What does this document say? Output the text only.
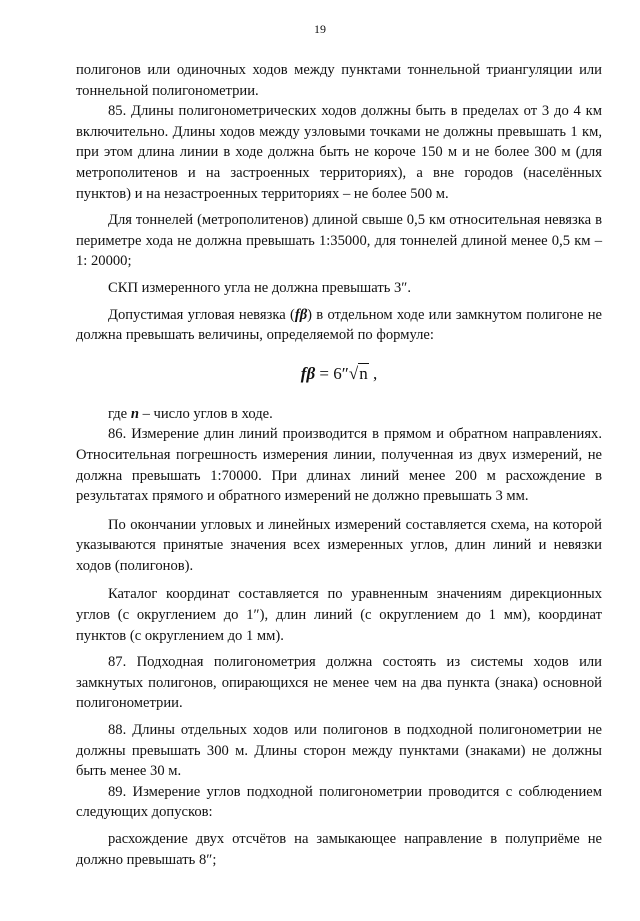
19

полигонов или одиночных ходов между пунктами тоннельной триангуляции или тоннельной полигонометрии.

85. Длины полигонометрических ходов должны быть в пределах от 3 до 4 км включительно. Длины ходов между узловыми точками не должны превышать 1 км, при этом длина линии в ходе должна быть не короче 150 м и не более 300 м (для метрополитенов и на застроенных территориях), а вне городов (населённых пунктов) и на незастроенных территориях – не более 500 м.

Для тоннелей (метрополитенов) длиной свыше 0,5 км относительная невязка в периметре хода не должна превышать 1:35000, для тоннелей длиной менее 0,5 км – 1: 20000;

СКП измеренного угла не должна превышать 3″.

Допустимая угловая невязка (fβ) в отдельном ходе или замкнутом полигоне не должна превышать величины, определяемой по формуле:

fβ = 6″√n ,

где n – число углов в ходе.

86. Измерение длин линий производится в прямом и обратном направлениях. Относительная погрешность измерения линии, полученная из двух измерений, не должна превышать 1:70000. При длинах линий менее 200 м расхождение в результатах прямого и обратного измерений не должно превышать 3 мм.

По окончании угловых и линейных измерений составляется схема, на которой указываются принятые значения всех измеренных углов, длин линий и невязки ходов (полигонов).

Каталог координат составляется по уравненным значениям дирекционных углов (с округлением до 1″), длин линий (с округлением до 1 мм), координат пунктов (с округлением до 1 мм).

87. Подходная полигонометрия должна состоять из системы ходов или замкнутых полигонов, опирающихся не менее чем на два пункта (знака) основной полигонометрии.

88. Длины отдельных ходов или полигонов в подходной полигонометрии не должны превышать 300 м. Длины сторон между пунктами (знаками) не должны быть менее 30 м.

89. Измерение углов подходной полигонометрии проводится с соблюдением следующих допусков:

расхождение двух отсчётов на замыкающее направление в полуприёме не должно превышать 8″;
